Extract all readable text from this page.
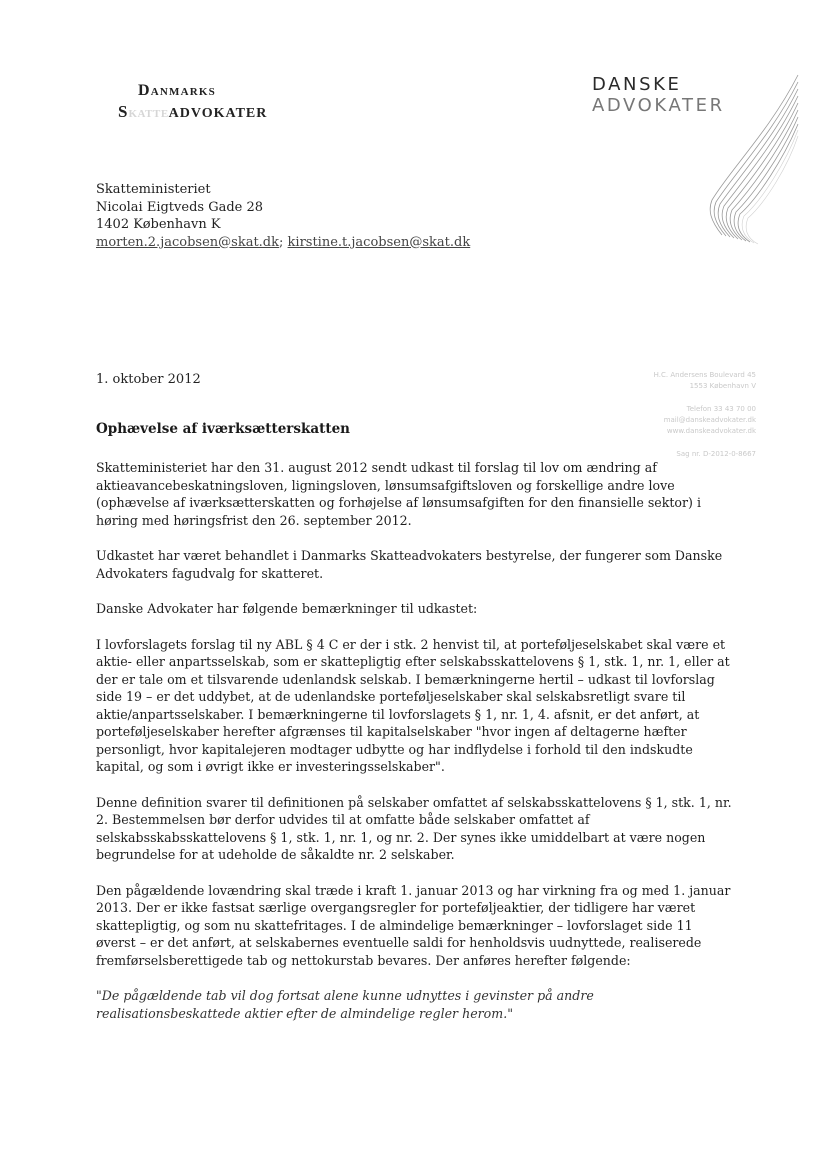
Danmarks
SKATTEADVOKATER
DANSKE
ADVOKATER
Skatteministeriet
Nicolai Eigtveds Gade 28
1402 København K
morten.2.jacobsen@skat.dk; kirstine.t.jacobsen@skat.dk
H.C. Andersens Boulevard 45
1553 København V
Telefon 33 43 70 00
mail@danskeadvokater.dk
www.danskeadvokater.dk
Sag nr. D-2012-0-8667
1. oktober 2012
Ophævelse af iværksætterskatten

Skatteministeriet har den 31. august 2012 sendt udkast til forslag til lov om ændring af aktieavancebeskatningsloven, ligningsloven, lønsumsafgiftsloven og forskellige andre love (ophævelse af iværksætterskatten og forhøjelse af lønsumsafgiften for den finansielle sektor) i høring med høringsfrist den 26. september 2012.

Udkastet har været behandlet i Danmarks Skatteadvokaters bestyrelse, der fungerer som Danske Advokaters fagudvalg for skatteret.

Danske Advokater har følgende bemærkninger til udkastet:

I lovforslagets forslag til ny ABL § 4 C er der i stk. 2 henvist til, at porteføljeselskabet skal være et aktie- eller anpartsselskab, som er skattepligtig efter selskabsskattelovens § 1, stk. 1, nr. 1, eller at der er tale om et tilsvarende udenlandsk selskab. I bemærkningerne hertil – udkast til lovforslag side 19 – er det uddybet, at de udenlandske porteføljeselskaber skal selskabsretligt svare til aktie/anpartsselskaber. I bemærkningerne til lovforslagets § 1, nr. 1, 4. afsnit, er det anført, at porteføljeselskaber herefter afgrænses til kapitalselskaber "hvor ingen af deltagerne hæfter personligt, hvor kapitalejeren modtager udbytte og har indflydelse i forhold til den indskudte kapital, og som i øvrigt ikke er investeringsselskaber".

Denne definition svarer til definitionen på selskaber omfattet af selskabsskattelovens § 1, stk. 1, nr. 2. Bestemmelsen bør derfor udvides til at omfatte både selskaber omfattet af selskabsskabsskattelovens § 1, stk. 1, nr. 1, og nr. 2. Der synes ikke umiddelbart at være nogen begrundelse for at udeholde de såkaldte nr. 2 selskaber.

Den pågældende lovændring skal træde i kraft 1. januar 2013 og har virkning fra og med 1. januar 2013. Der er ikke fastsat særlige overgangsregler for porteføljeaktier, der tidligere har været skattepligtig, og som nu skattefritages. I de almindelige bemærkninger – lovforslaget side 11 øverst – er det anført, at selskabernes eventuelle saldi for henholdsvis uudnyttede, realiserede fremførselsberettigede tab og nettokurstab bevares. Der anføres herefter følgende:

"De pågældende tab vil dog fortsat alene kunne udnyttes i gevinster på andre realisationsbeskattede aktier efter de almindelige regler herom."
